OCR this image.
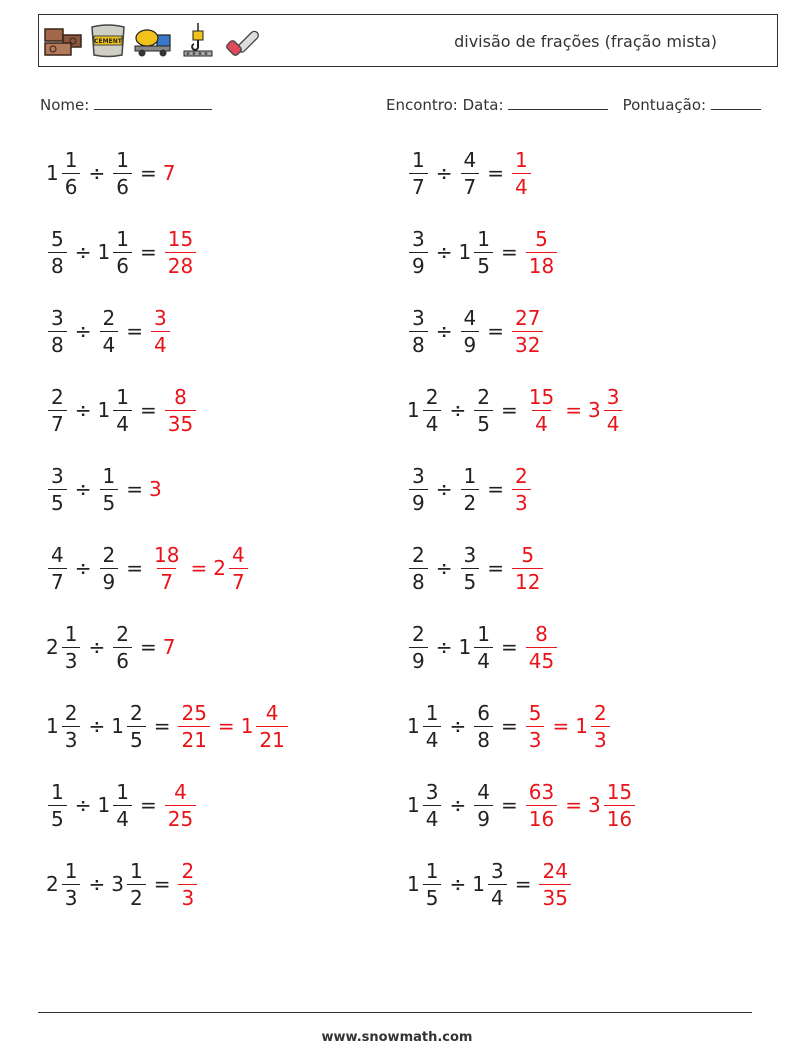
CEMENT	divisão de frações (fração mista)
Nome:	Encontro: Data:	Pontuação:
$1 \frac{1}{6} \div \frac{1}{6} = 7$	$\frac{1}{7} \div \frac{4}{7} = \frac{1}{4}$
$\frac{5}{8} \div 1 \frac{1}{6} = \frac{15}{28}$	$\frac{3}{9} \div 1 \frac{1}{5} = \frac{5}{18}$
$\frac{3}{8} \div \frac{2}{4} = \frac{3}{4}$	$\frac{3}{8} \div \frac{4}{9} = \frac{27}{32}$
$\frac{2}{7} \div 1 \frac{1}{4} = \frac{8}{35}$	$1 \frac{2}{4} \div \frac{2}{5} = \frac{15}{4} = 3 \frac{3}{4}$
$\frac{3}{5} \div \frac{1}{5} = 3$	$\frac{3}{9} \div \frac{1}{2} = \frac{2}{3}$
$\frac{4}{7} \div \frac{2}{9} = \frac{18}{7} = 2 \frac{4}{7}$	$\frac{2}{8} \div \frac{3}{5} = \frac{5}{12}$
$2 \frac{1}{3} \div \frac{2}{6} = 7$	$\frac{2}{9} \div 1 \frac{1}{4} = \frac{8}{45}$
$1 \frac{2}{3} \div 1 \frac{2}{5} = \frac{25}{21} = 1 \frac{4}{21}$	$1 \frac{1}{4} \div \frac{6}{8} = \frac{5}{3} = 1 \frac{2}{3}$
$\frac{1}{5} \div 1 \frac{1}{4} = \frac{4}{25}$	$1 \frac{3}{4} \div \frac{4}{9} = \frac{63}{16} = 3 \frac{15}{16}$
$2 \frac{1}{3} \div 3 \frac{1}{2} = \frac{2}{3}$	$1 \frac{1}{5} \div 1 \frac{3}{4} = \frac{24}{35}$
www.snowmath.com
